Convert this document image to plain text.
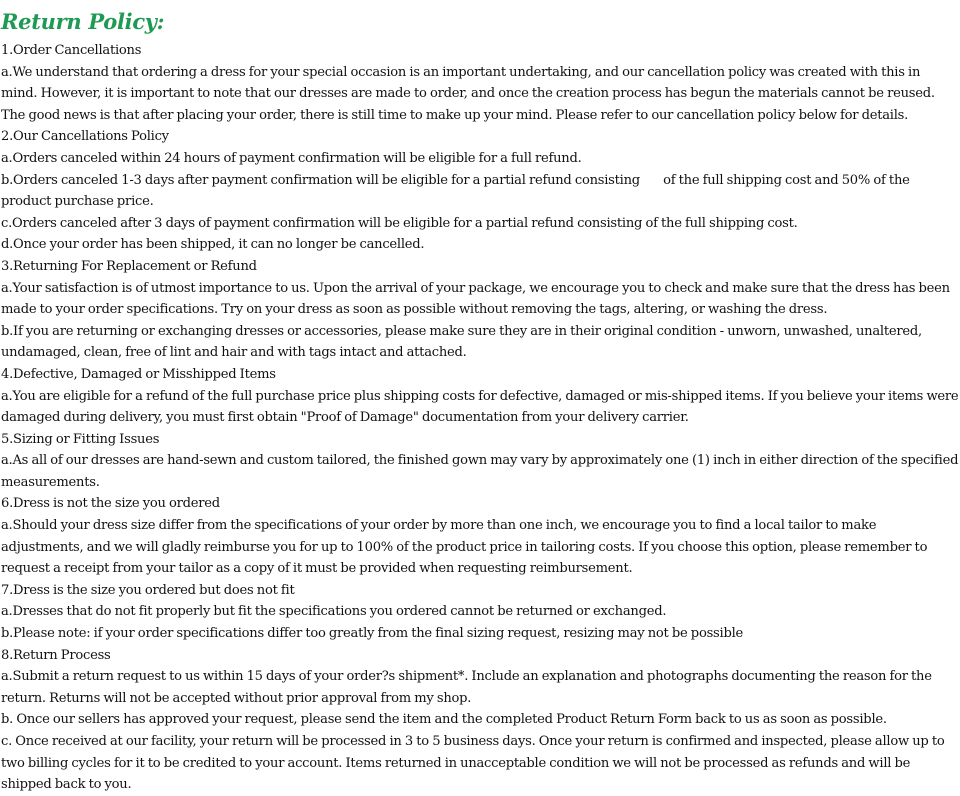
Return Policy:

1.Order Cancellations

a.We understand that ordering a dress for your special occasion is an important undertaking, and our cancellation policy was created with this in mind. However, it is important to note that our dresses are made to order, and once the creation process has begun the materials cannot be reused. The good news is that after placing your order, there is still time to make up your mind. Please refer to our cancellation policy below for details.

2.Our Cancellations Policy

a.Orders canceled within 24 hours of payment confirmation will be eligible for a full refund.

b.Orders canceled 1-3 days after payment confirmation will be eligible for a partial refund consisting       of the full shipping cost and 50% of the product purchase price.

c.Orders canceled after 3 days of payment confirmation will be eligible for a partial refund consisting of the full shipping cost.

d.Once your order has been shipped, it can no longer be cancelled.

3.Returning For Replacement or Refund

a.Your satisfaction is of utmost importance to us. Upon the arrival of your package, we encourage you to check and make sure that the dress has been made to your order specifications. Try on your dress as soon as possible without removing the tags, altering, or washing the dress.

b.If you are returning or exchanging dresses or accessories, please make sure they are in their original condition - unworn, unwashed, unaltered, undamaged, clean, free of lint and hair and with tags intact and attached.

4.Defective, Damaged or Misshipped Items

a.You are eligible for a refund of the full purchase price plus shipping costs for defective, damaged or mis-shipped items. If you believe your items were damaged during delivery, you must first obtain "Proof of Damage" documentation from your delivery carrier.

5.Sizing or Fitting Issues

a.As all of our dresses are hand-sewn and custom tailored, the finished gown may vary by approximately one (1) inch in either direction of the specified measurements.

6.Dress is not the size you ordered

a.Should your dress size differ from the specifications of your order by more than one inch, we encourage you to find a local tailor to make adjustments, and we will gladly reimburse you for up to 100% of the product price in tailoring costs. If you choose this option, please remember to request a receipt from your tailor as a copy of it must be provided when requesting reimbursement.

7.Dress is the size you ordered but does not fit

a.Dresses that do not fit properly but fit the specifications you ordered cannot be returned or exchanged.

b.Please note: if your order specifications differ too greatly from the final sizing request, resizing may not be possible

8.Return Process

a.Submit a return request to us within 15 days of your order?s shipment*. Include an explanation and photographs documenting the reason for the return. Returns will not be accepted without prior approval from my shop.

b. Once our sellers has approved your request, please send the item and the completed Product Return Form back to us as soon as possible.

c. Once received at our facility, your return will be processed in 3 to 5 business days. Once your return is confirmed and inspected, please allow up to two billing cycles for it to be credited to your account. Items returned in unacceptable condition we will not be processed as refunds and will be shipped back to you.
